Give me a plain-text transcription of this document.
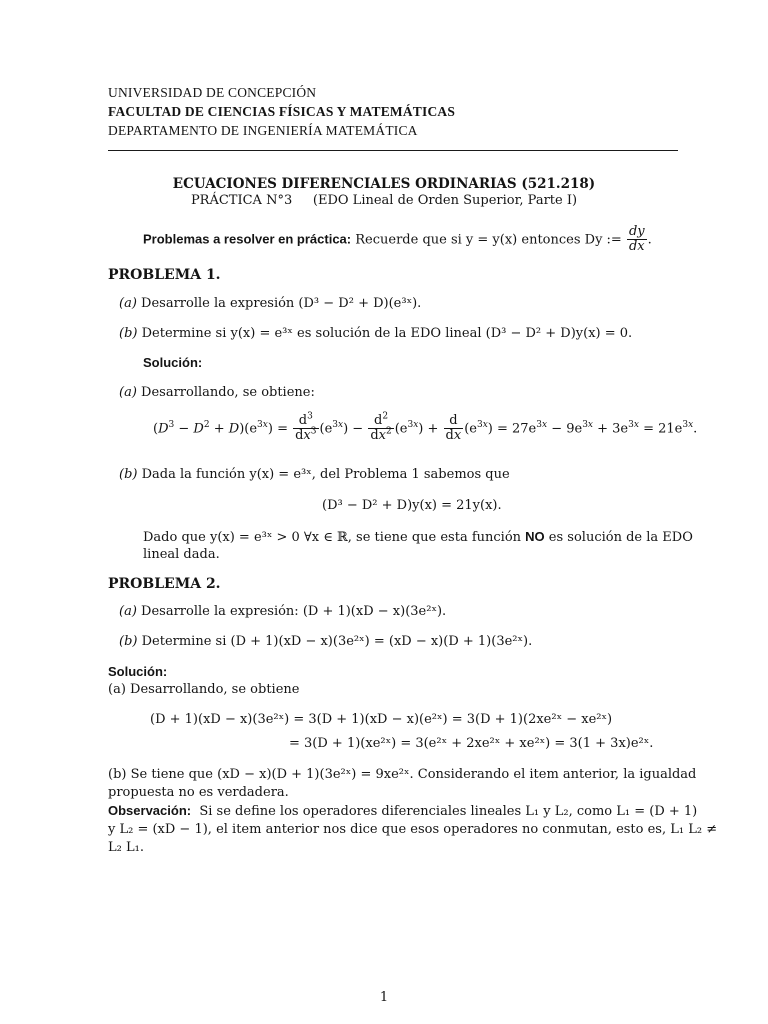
UNIVERSIDAD DE CONCEPCIÓN
FACULTAD DE CIENCIAS FÍSICAS Y MATEMÁTICAS
DEPARTAMENTO DE INGENIERÍA MATEMÁTICA
ECUACIONES DIFERENCIALES ORDINARIAS (521.218)
PRÁCTICA N°3 (EDO Lineal de Orden Superior, Parte I)
Problemas a resolver en práctica: Recuerde que si y = y(x) entonces Dy := $\frac{dy}{dx}$ .
PROBLEMA 1.
(a) Desarrolle la expresión (D³ − D² + D)(e³ˣ).
(b) Determine si y(x) = e³ˣ es solución de la EDO lineal (D³ − D² + D)y(x) = 0.
Solución:
(a) Desarrollando, se obtiene:
$(D^3 - D^2 + D)(e^{3x}) = \frac{d^3}{dx^3} (e^{3x}) - \frac{d^2}{dx^2} (e^{3x}) + \frac{d}{dx} (e^{3x}) = 27e^{3x} - 9e^{3x} + 3e^{3x} = 21e^{3x}$.
(b) Dada la función y(x) = e³ˣ, del Problema 1 sabemos que
(D³ − D² + D)y(x) = 21y(x).
Dado que y(x) = e³ˣ > 0 ∀x ∈ ℝ, se tiene que esta función NO es solución de la EDO
lineal dada.
PROBLEMA 2.
(a) Desarrolle la expresión: (D + 1)(xD − x)(3e²ˣ).
(b) Determine si (D + 1)(xD − x)(3e²ˣ) = (xD − x)(D + 1)(3e²ˣ).
Solución:
(a) Desarrollando, se obtiene
(D + 1)(xD − x)(3e²ˣ) = 3(D + 1)(xD − x)(e²ˣ) = 3(D + 1)(2xe²ˣ − xe²ˣ)
= 3(D + 1)(xe²ˣ) = 3(e²ˣ + 2xe²ˣ + xe²ˣ) = 3(1 + 3x)e²ˣ.
(b) Se tiene que (xD − x)(D + 1)(3e²ˣ) = 9xe²ˣ. Considerando el item anterior, la igualdad
propuesta no es verdadera.
Observación: Si se define los operadores diferenciales lineales L₁ y L₂, como L₁ = (D + 1)
y L₂ = (xD − 1), el item anterior nos dice que esos operadores no conmutan, esto es, L₁ L₂ ≠
L₂ L₁.
1
